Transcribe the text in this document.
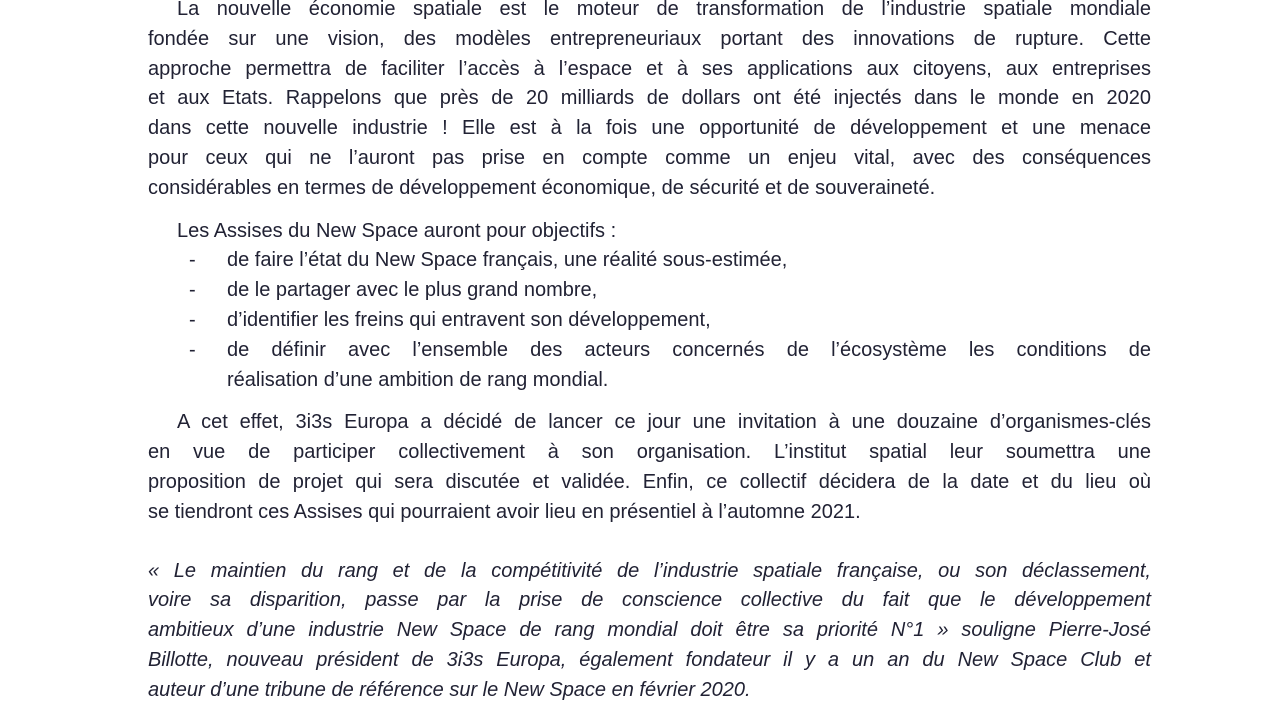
La nouvelle économie spatiale est le moteur de transformation de l’industrie spatiale mondiale
fondée sur une vision, des modèles entrepreneuriaux portant des innovations de rupture. Cette
approche permettra de faciliter l’accès à l’espace et à ses applications aux citoyens, aux entreprises
et aux Etats. Rappelons que près de 20 milliards de dollars ont été injectés dans le monde en 2020
dans cette nouvelle industrie ! Elle est à la fois une opportunité de développement et une menace
pour ceux qui ne l’auront pas prise en compte comme un enjeu vital, avec des conséquences
considérables en termes de développement économique, de sécurité et de souveraineté.
Les Assises du New Space auront pour objectifs :
- de faire l’état du New Space français, une réalité sous-estimée,
- de le partager avec le plus grand nombre,
- d’identifier les freins qui entravent son développement,
- de définir avec l’ensemble des acteurs concernés de l’écosystème les conditions de
réalisation d’une ambition de rang mondial.
A cet effet, 3i3s Europa a décidé de lancer ce jour une invitation à une douzaine d’organismes-clés
en vue de participer collectivement à son organisation. L’institut spatial leur soumettra une
proposition de projet qui sera discutée et validée. Enfin, ce collectif décidera de la date et du lieu où
se tiendront ces Assises qui pourraient avoir lieu en présentiel à l’automne 2021.
« Le maintien du rang et de la compétitivité de l’industrie spatiale française, ou son déclassement,
voire sa disparition, passe par la prise de conscience collective du fait que le développement
ambitieux d’une industrie New Space de rang mondial doit être sa priorité N°1 » souligne Pierre-José
Billotte, nouveau président de 3i3s Europa, également fondateur il y a un an du New Space Club et
auteur d’une tribune de référence sur le New Space en février 2020.
